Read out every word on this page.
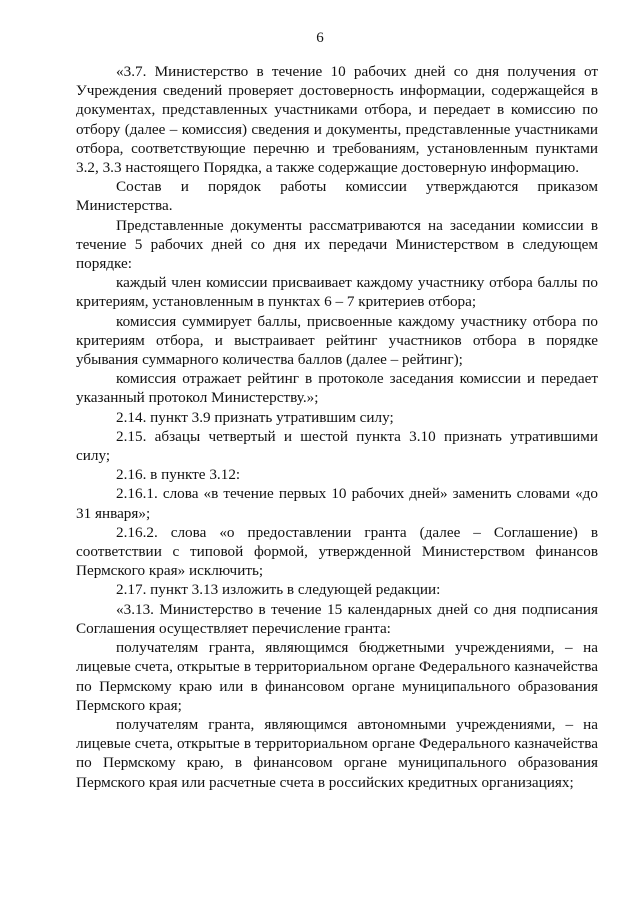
6

«3.7. Министерство в течение 10 рабочих дней со дня получения от Учреждения сведений проверяет достоверность информации, содержащейся в документах, представленных участниками отбора, и передает в комиссию по отбору (далее – комиссия) сведения и документы, представленные участниками отбора, соответствующие перечню и требованиям, установленным пунктами 3.2, 3.3 настоящего Порядка, а также содержащие достоверную информацию.

Состав и порядок работы комиссии утверждаются приказом Министерства.

Представленные документы рассматриваются на заседании комиссии в течение 5 рабочих дней со дня их передачи Министерством в следующем порядке:

каждый член комиссии присваивает каждому участнику отбора баллы по критериям, установленным в пунктах 6 – 7 критериев отбора;

комиссия суммирует баллы, присвоенные каждому участнику отбора по критериям отбора, и выстраивает рейтинг участников отбора в порядке убывания суммарного количества баллов (далее – рейтинг);

комиссия отражает рейтинг в протоколе заседания комиссии и передает указанный протокол Министерству.»;

2.14. пункт 3.9 признать утратившим силу;

2.15. абзацы четвертый и шестой пункта 3.10 признать утратившими силу;

2.16. в пункте 3.12:

2.16.1. слова «в течение первых 10 рабочих дней» заменить словами «до 31 января»;

2.16.2. слова «о предоставлении гранта (далее – Соглашение) в соответствии с типовой формой, утвержденной Министерством финансов Пермского края» исключить;

2.17. пункт 3.13 изложить в следующей редакции:

«3.13. Министерство в течение 15 календарных дней со дня подписания Соглашения осуществляет перечисление гранта:

получателям гранта, являющимся бюджетными учреждениями, – на лицевые счета, открытые в территориальном органе Федерального казначейства по Пермскому краю или в финансовом органе муниципального образования Пермского края;

получателям гранта, являющимся автономными учреждениями, – на лицевые счета, открытые в территориальном органе Федерального казначейства по Пермскому краю, в финансовом органе муниципального образования Пермского края или расчетные счета в российских кредитных организациях;
